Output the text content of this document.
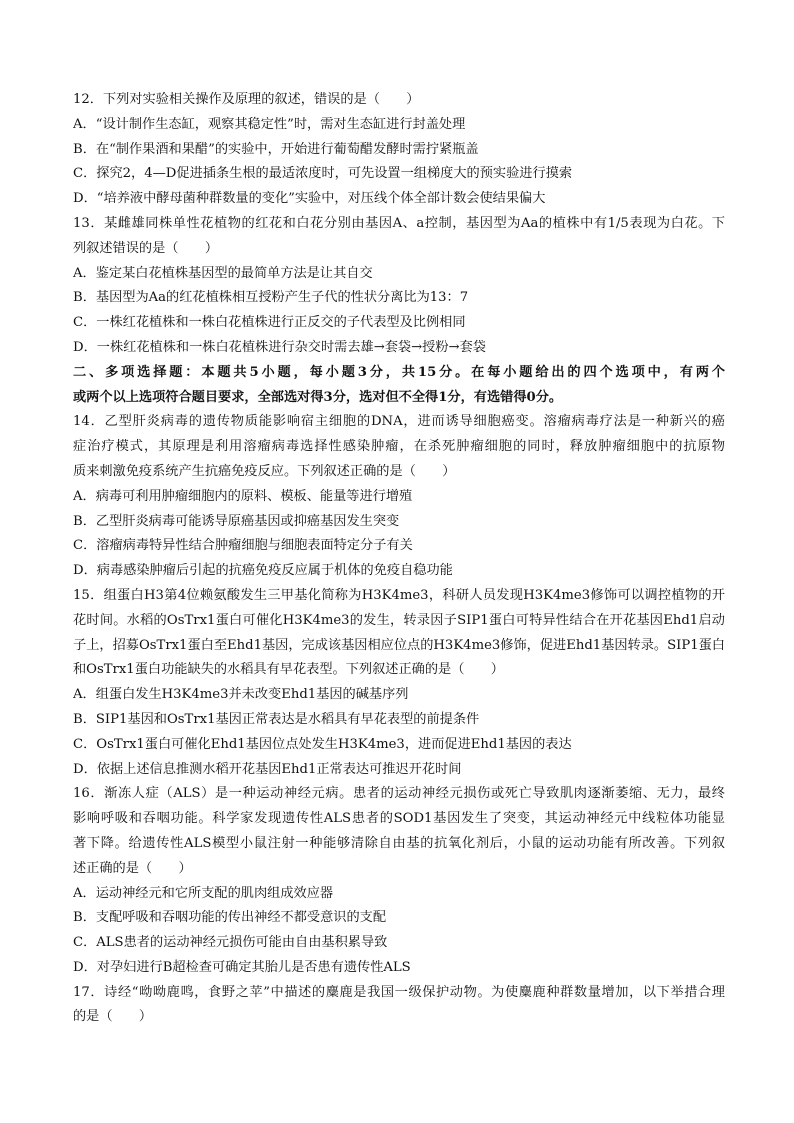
12．下列对实验相关操作及原理的叙述，错误的是（　　）
A．“设计制作生态缸，观察其稳定性”时，需对生态缸进行封盖处理
B．在“制作果酒和果醋”的实验中，开始进行葡萄醋发酵时需拧紧瓶盖
C．探究2，4—D促进插条生根的最适浓度时，可先设置一组梯度大的预实验进行摸索
D．“培养液中酵母菌种群数量的变化”实验中，对压线个体全部计数会使结果偏大
13．某雌雄同株单性花植物的红花和白花分别由基因A、a控制，基因型为Aa的植株中有1/5表现为白花。下
列叙述错误的是（　　）
A．鉴定某白花植株基因型的最简单方法是让其自交
B．基因型为Aa的红花植株相互授粉产生子代的性状分离比为13：7
C．一株红花植株和一株白花植株进行正反交的子代表型及比例相同
D．一株红花植株和一株白花植株进行杂交时需去雄→套袋→授粉→套袋
二、多项选择题：本题共5小题，每小题3分，共15分。在每小题给出的四个选项中，有两个
或两个以上选项符合题目要求，全部选对得3分，选对但不全得1分，有选错得0分。
14．乙型肝炎病毒的遗传物质能影响宿主细胞的DNA，进而诱导细胞癌变。溶瘤病毒疗法是一种新兴的癌
症治疗模式，其原理是利用溶瘤病毒选择性感染肿瘤，在杀死肿瘤细胞的同时，释放肿瘤细胞中的抗原物
质来刺激免疫系统产生抗癌免疫反应。下列叙述正确的是（　　）
A．病毒可利用肿瘤细胞内的原料、模板、能量等进行增殖
B．乙型肝炎病毒可能诱导原癌基因或抑癌基因发生突变
C．溶瘤病毒特异性结合肿瘤细胞与细胞表面特定分子有关
D．病毒感染肿瘤后引起的抗癌免疫反应属于机体的免疫自稳功能
15．组蛋白H3第4位赖氨酸发生三甲基化简称为H3K4me3，科研人员发现H3K4me3修饰可以调控植物的开
花时间。水稻的OsTrx1蛋白可催化H3K4me3的发生，转录因子SIP1蛋白可特异性结合在开花基因Ehd1启动
子上，招募OsTrx1蛋白至Ehd1基因，完成该基因相应位点的H3K4me3修饰，促进Ehd1基因转录。SIP1蛋白
和OsTrx1蛋白功能缺失的水稻具有早花表型。下列叙述正确的是（　　）
A．组蛋白发生H3K4me3并未改变Ehd1基因的碱基序列
B．SIP1基因和OsTrx1基因正常表达是水稻具有早花表型的前提条件
C．OsTrx1蛋白可催化Ehd1基因位点处发生H3K4me3，进而促进Ehd1基因的表达
D．依据上述信息推测水稻开花基因Ehd1正常表达可推迟开花时间
16．渐冻人症（ALS）是一种运动神经元病。患者的运动神经元损伤或死亡导致肌肉逐渐萎缩、无力，最终
影响呼吸和吞咽功能。科学家发现遗传性ALS患者的SOD1基因发生了突变，其运动神经元中线粒体功能显
著下降。给遗传性ALS模型小鼠注射一种能够清除自由基的抗氧化剂后，小鼠的运动功能有所改善。下列叙
述正确的是（　　）
A．运动神经元和它所支配的肌肉组成效应器
B．支配呼吸和吞咽功能的传出神经不都受意识的支配
C．ALS患者的运动神经元损伤可能由自由基积累导致
D．对孕妇进行B超检查可确定其胎儿是否患有遗传性ALS
17．诗经“呦呦鹿鸣，食野之苹”中描述的麋鹿是我国一级保护动物。为使麋鹿种群数量增加，以下举措合理
的是（　　）
